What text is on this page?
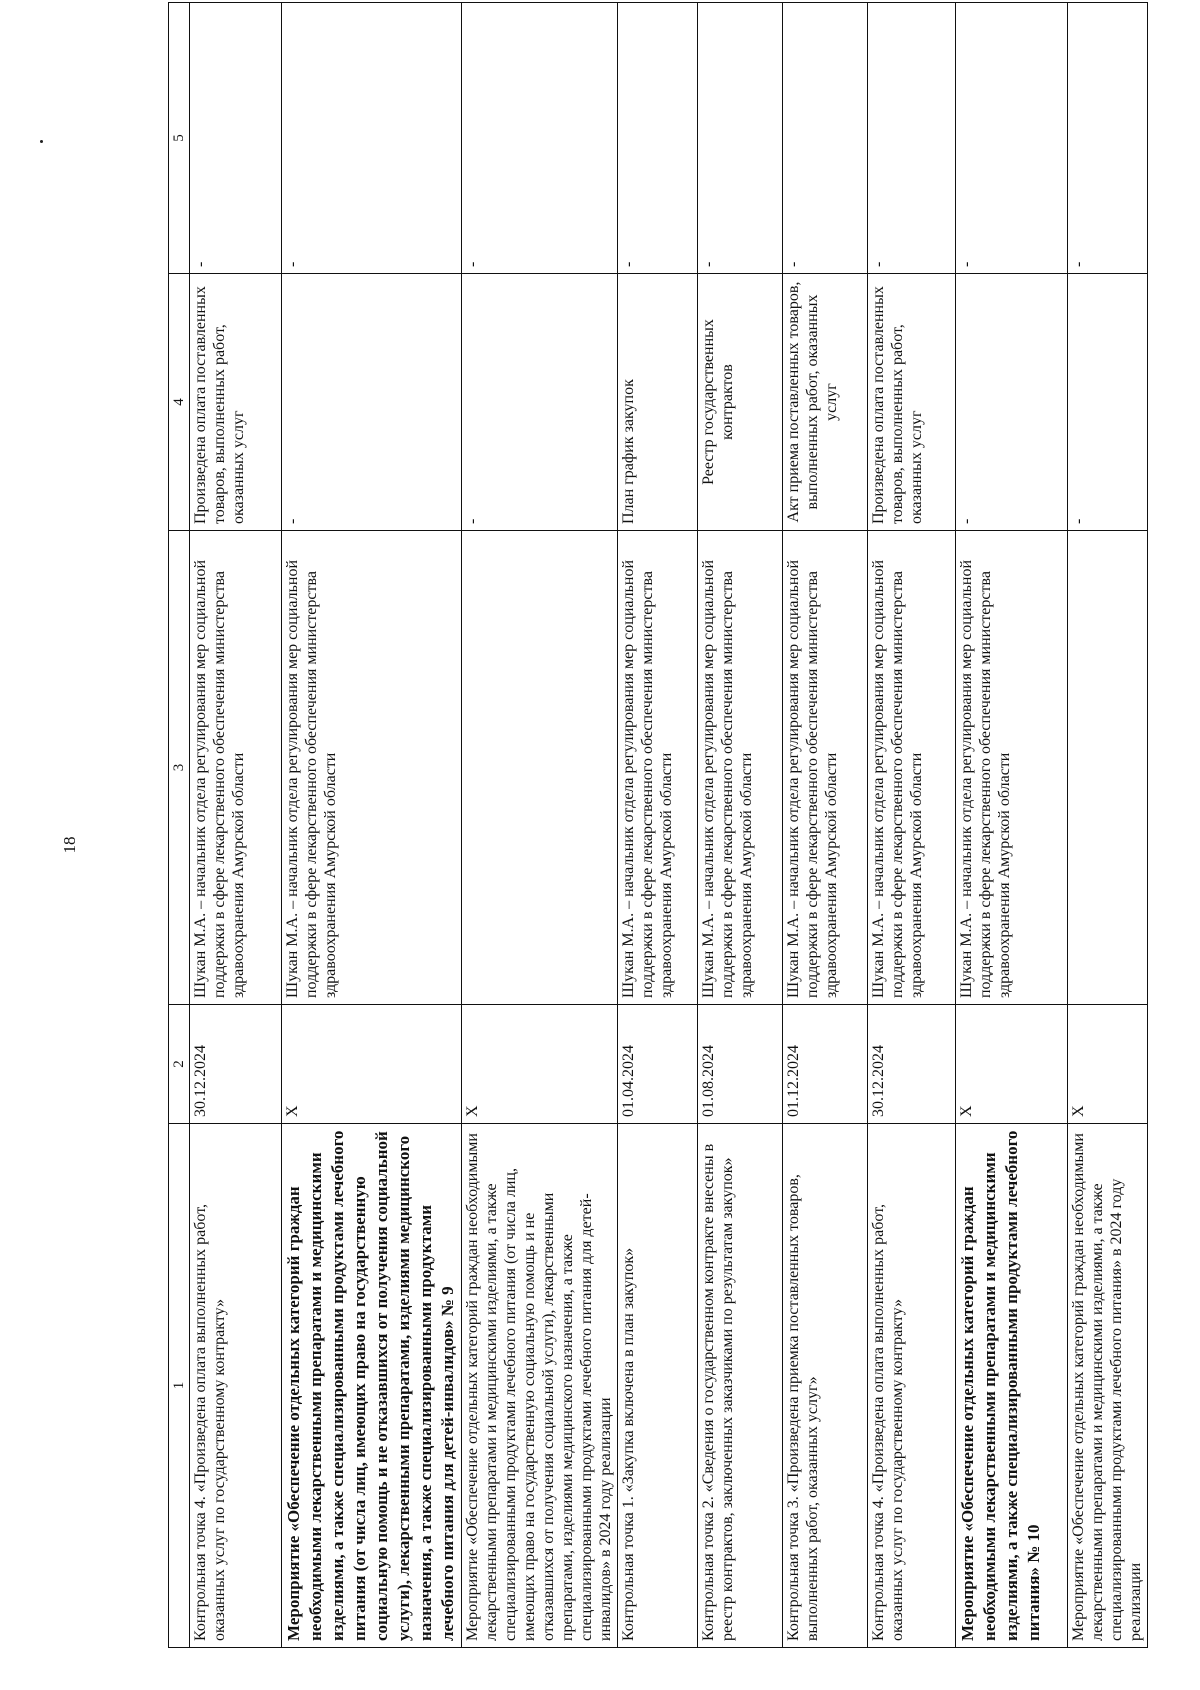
18
1	2	3	4	5
Контрольная точка 4. «Произведена оплата выполненных работ, оказанных услуг по государственному контракту»	30.12.2024	Шукан М.А. – начальник отдела регулирования мер социальной поддержки в сфере лекарственного обеспечения министерства здравоохранения Амурской области	Произведена оплата поставленных товаров, выполненных работ, оказанных услуг	-
Мероприятие «Обеспечение отдельных категорий граждан необходимыми лекарственными препаратами и медицинскими изделиями, а также специализированными продуктами лечебного питания (от числа лиц, имеющих право на государственную социальную помощь и не отказавшихся от получения социальной услуги), лекарственными препаратами, изделиями медицинского назначения, а также специализированными продуктами лечебного питания для детей-инвалидов» № 9	Х	Шукан М.А. – начальник отдела регулирования мер социальной поддержки в сфере лекарственного обеспечения министерства здравоохранения Амурской области	-	-
Мероприятие «Обеспечение отдельных категорий граждан необходимыми лекарственными препаратами и медицинскими изделиями, а также специализированными продуктами лечебного питания (от числа лиц, имеющих право на государственную социальную помощь и не отказавшихся от получения социальной услуги), лекарственными препаратами, изделиями медицинского назначения, а также специализированными продуктами лечебного питания для детей-инвалидов» в 2024 году реализации	Х		-	-
Контрольная точка 1. «Закупка включена в план закупок»	01.04.2024	Шукан М.А. – начальник отдела регулирования мер социальной поддержки в сфере лекарственного обеспечения министерства здравоохранения Амурской области	План график закупок	-
Контрольная точка 2. «Сведения о государственном контракте внесены в реестр контрактов, заключенных заказчиками по результатам закупок»	01.08.2024	Шукан М.А. – начальник отдела регулирования мер социальной поддержки в сфере лекарственного обеспечения министерства здравоохранения Амурской области	Реестр государственных контрактов	-
Контрольная точка 3. «Произведена приемка поставленных товаров, выполненных работ, оказанных услуг»	01.12.2024	Шукан М.А. – начальник отдела регулирования мер социальной поддержки в сфере лекарственного обеспечения министерства здравоохранения Амурской области	Акт приема поставленных товаров, выполненных работ, оказанных услуг	-
Контрольная точка 4. «Произведена оплата выполненных работ, оказанных услуг по государственному контракту»	30.12.2024	Шукан М.А. – начальник отдела регулирования мер социальной поддержки в сфере лекарственного обеспечения министерства здравоохранения Амурской области	Произведена оплата поставленных товаров, выполненных работ, оказанных услуг	-
Мероприятие «Обеспечение отдельных категорий граждан необходимыми лекарственными препаратами и медицинскими изделиями, а также специализированными продуктами лечебного питания» № 10	Х	Шукан М.А. – начальник отдела регулирования мер социальной поддержки в сфере лекарственного обеспечения министерства здравоохранения Амурской области	-	-
Мероприятие «Обеспечение отдельных категорий граждан необходимыми лекарственными препаратами и медицинскими изделиями, а также специализированными продуктами лечебного питания» в 2024 году реализации	Х		-	-
